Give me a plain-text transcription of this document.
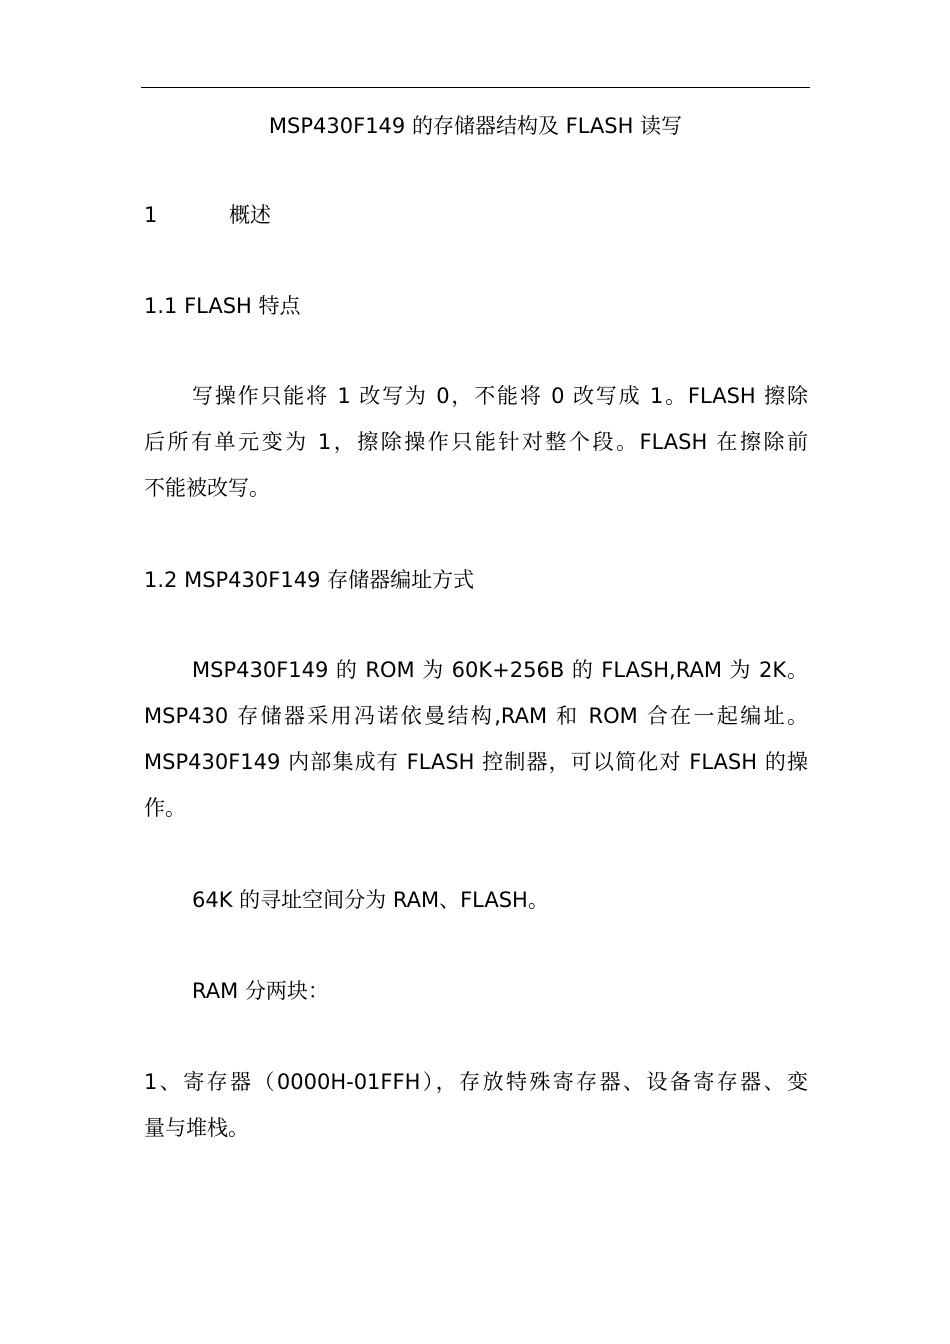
MSP430F149 的存储器结构及 FLASH 读写
1	概述
1.1 FLASH 特点
写操作只能将 1 改写为 0，不能将 0 改写成 1。FLASH 擦除
后所有单元变为 1，擦除操作只能针对整个段。FLASH 在擦除前
不能被改写。
1.2 MSP430F149 存储器编址方式
MSP430F149 的 ROM 为 60K+256B 的 FLASH,RAM 为 2K。
MSP430 存储器采用冯诺依曼结构,RAM 和 ROM 合在一起编址。
MSP430F149 内部集成有 FLASH 控制器，可以简化对 FLASH 的操
作。
64K 的寻址空间分为 RAM、FLASH。
RAM 分两块：
1、寄存器（0000H-01FFH），存放特殊寄存器、设备寄存器、变
量与堆栈。
